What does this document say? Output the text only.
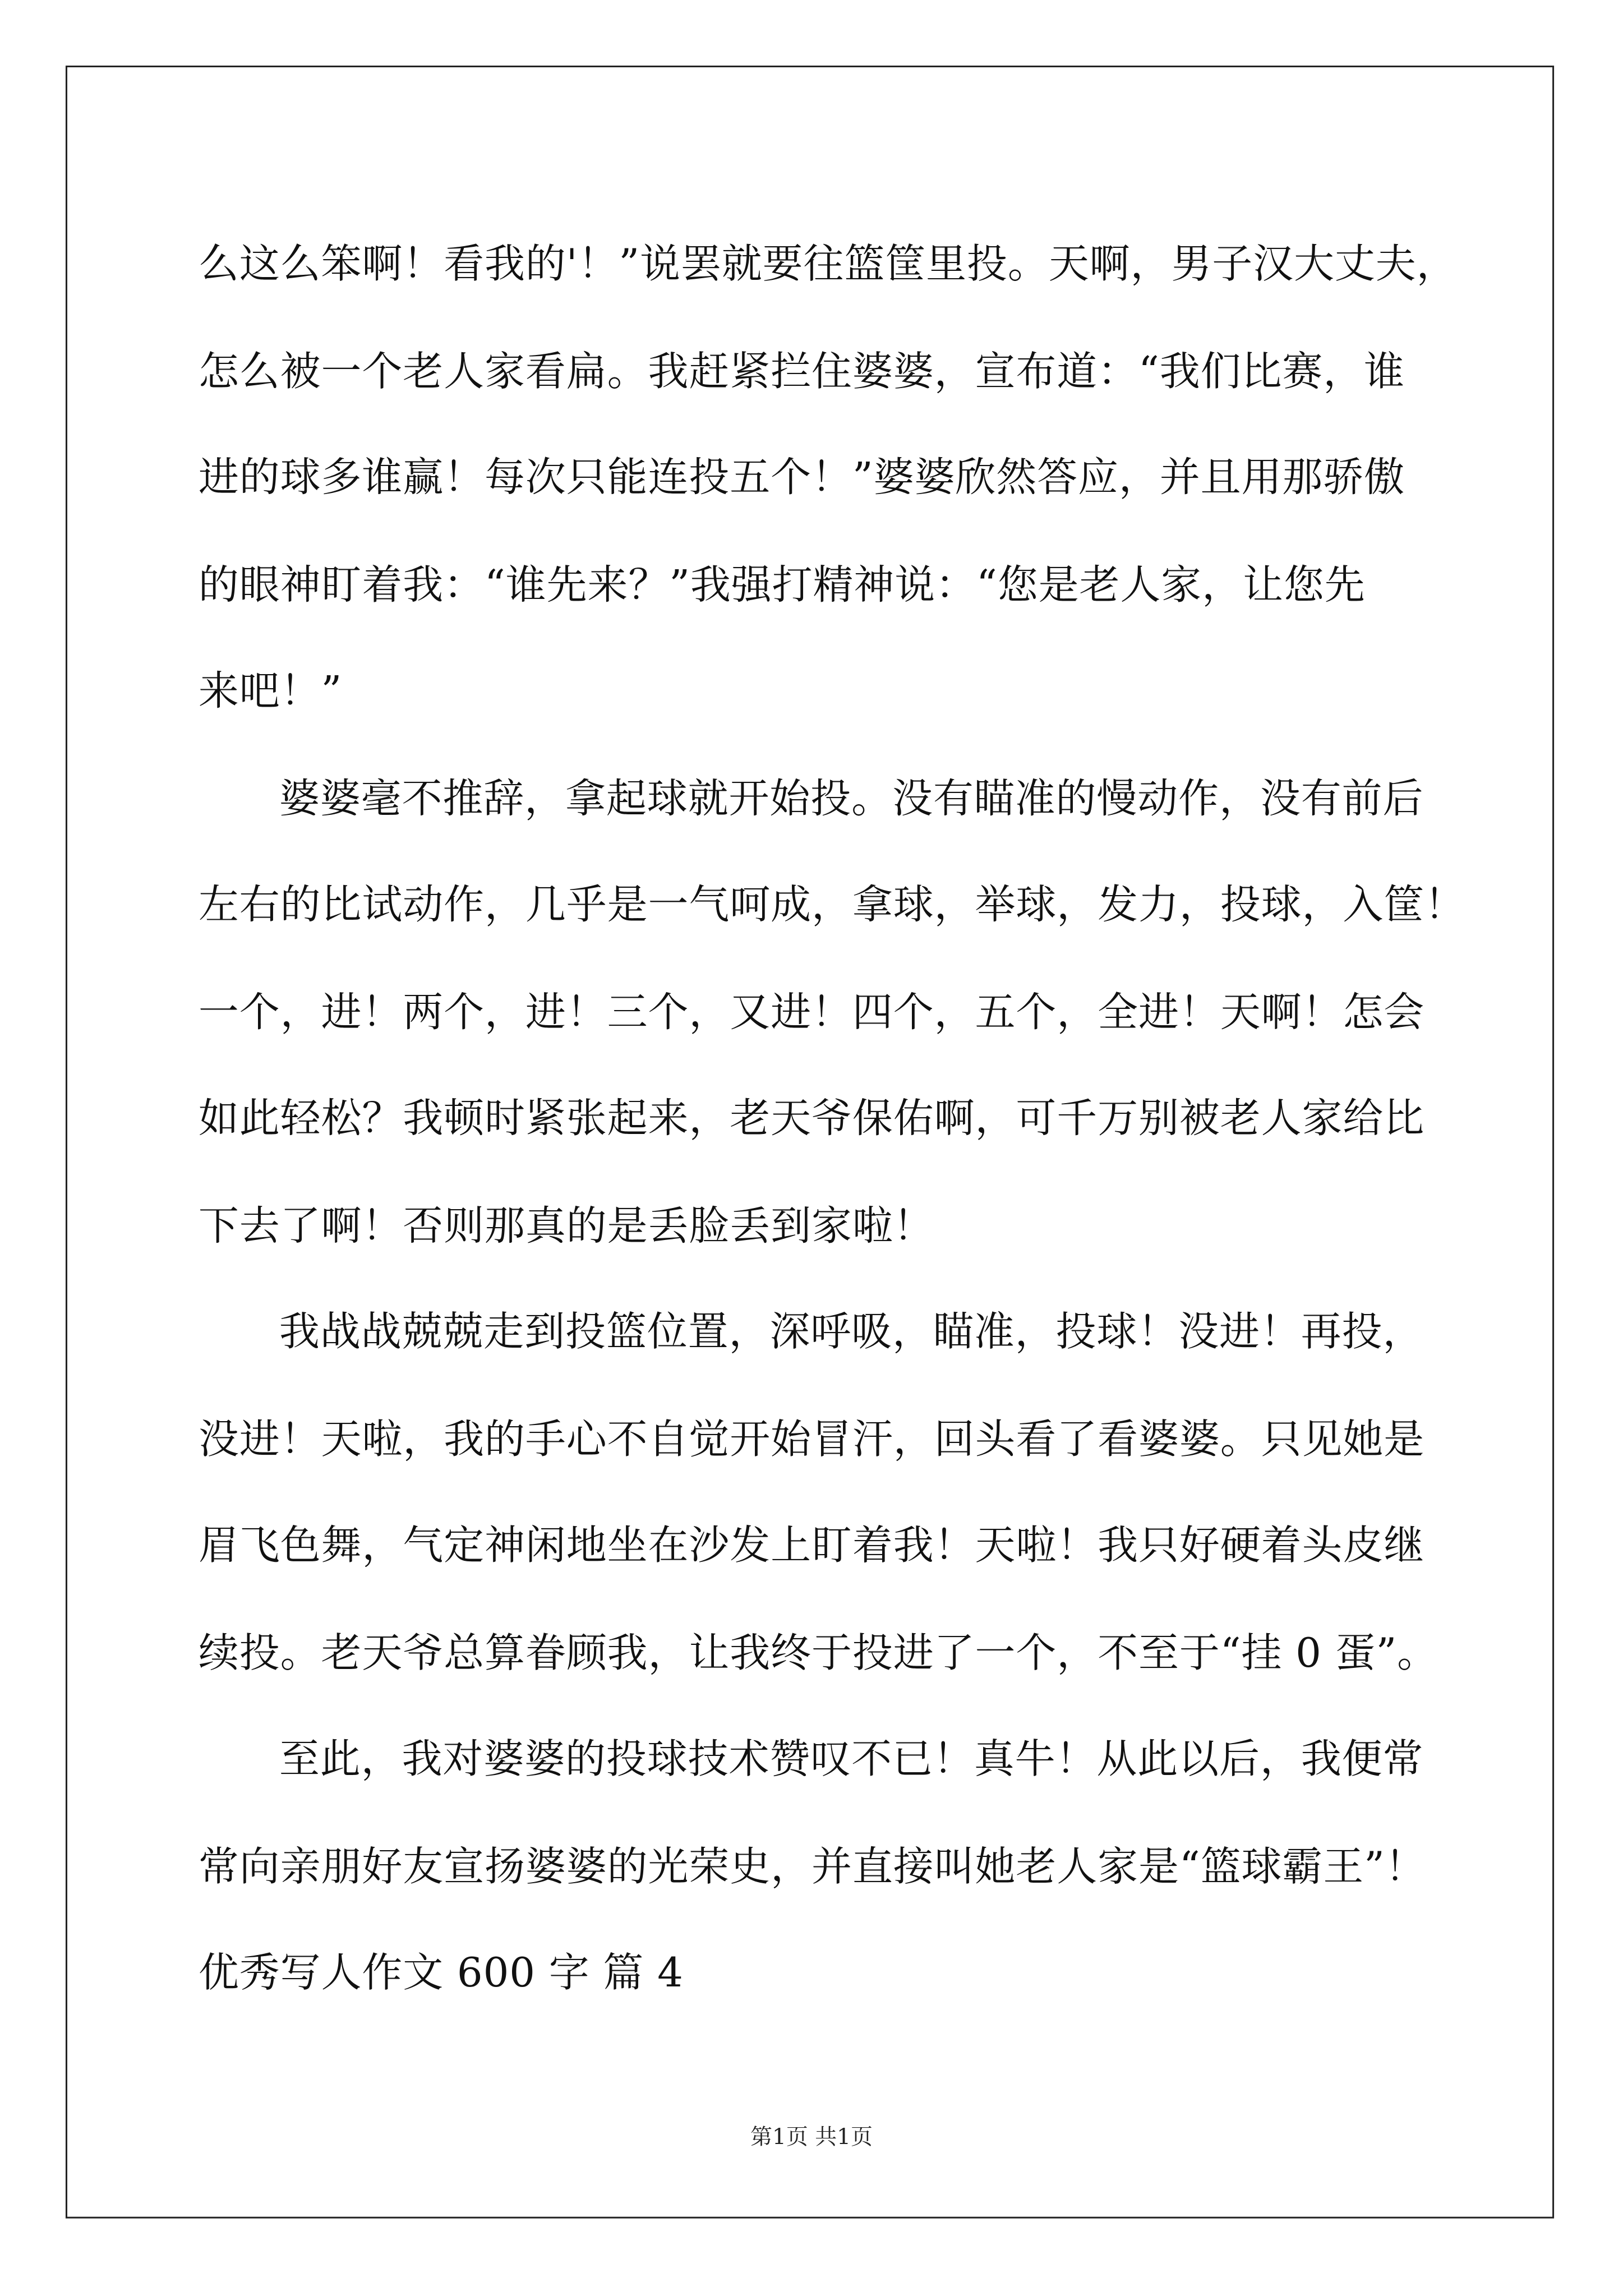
么这么笨啊！看我的'！”说罢就要往篮筐里投。天啊，男子汉大丈夫，
怎么被一个老人家看扁。我赶紧拦住婆婆，宣布道：“我们比赛，谁
进的球多谁赢！每次只能连投五个！”婆婆欣然答应，并且用那骄傲
的眼神盯着我：“谁先来？”我强打精神说：“您是老人家，让您先
来吧！”
婆婆毫不推辞，拿起球就开始投。没有瞄准的慢动作，没有前后
左右的比试动作，几乎是一气呵成，拿球，举球，发力，投球，入筐！
一个，进！两个，进！三个，又进！四个，五个，全进！天啊！怎会
如此轻松？我顿时紧张起来，老天爷保佑啊，可千万别被老人家给比
下去了啊！否则那真的是丢脸丢到家啦！
我战战兢兢走到投篮位置，深呼吸，瞄准，投球！没进！再投，
没进！天啦，我的手心不自觉开始冒汗，回头看了看婆婆。只见她是
眉飞色舞，气定神闲地坐在沙发上盯着我！天啦！我只好硬着头皮继
续投。老天爷总算眷顾我，让我终于投进了一个，不至于“挂 0 蛋”。
至此，我对婆婆的投球技术赞叹不已！真牛！从此以后，我便常
常向亲朋好友宣扬婆婆的光荣史，并直接叫她老人家是“篮球霸王”！
优秀写人作文 600 字 篇 4
第1页 共1页
